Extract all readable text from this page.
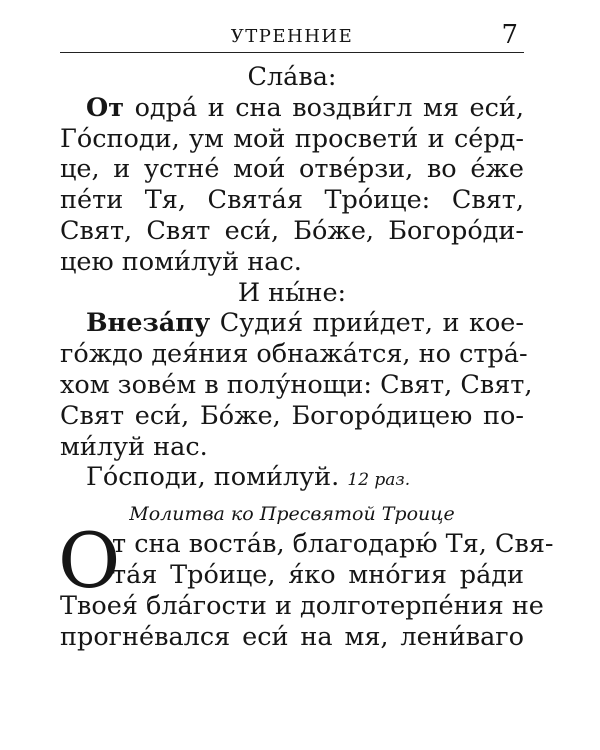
УТРЕННИЕ	7
Сла́ва:
От одра́ и сна воздви́гл мя еси́,
Го́споди, ум мой просвети́ и се́рд-
це, и устне́ мои́ отве́рзи, во е́же
пе́ти Тя, Свята́я Тро́ице: Свят,
Свят, Свят еси́, Бо́же, Богоро́ди-
цею поми́луй нас.
И ны́не:
Внеза́пу Судия́ прии́дет, и кое-
го́ждо дея́ния обнажа́тся, но стра́-
хом зове́м в полу́нощи: Свят, Свят,
Свят еси́, Бо́же, Богоро́дицею по-
ми́луй нас.
Го́споди, поми́луй. 12 раз.
Молитва ко Пресвятой Троице
О
т сна воста́в, благодарю́ Тя, Свя-
та́я Тро́ице, я́ко мно́гия ра́ди
Твоея́ бла́гости и долготерпе́ния не
прогне́вался еси́ на мя, лени́ваго
